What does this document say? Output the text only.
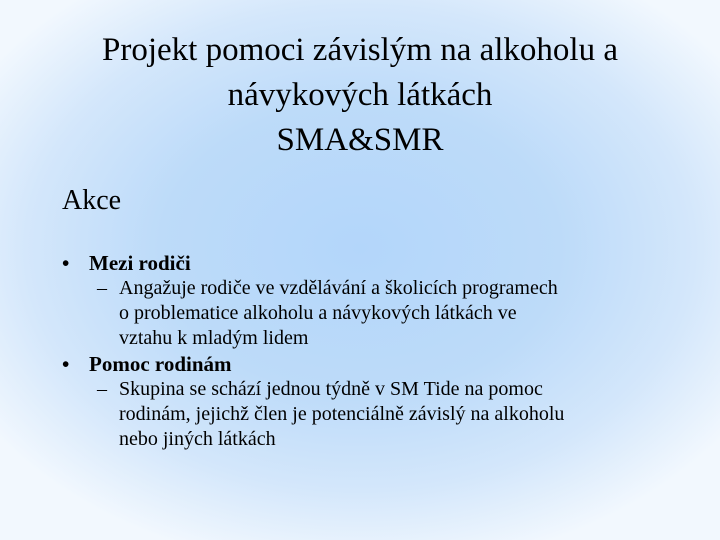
Projekt pomoci závislým na alkoholu a
návykových látkách
SMA&SMR
Akce
• Mezi rodiči
– Angažuje rodiče ve vzdělávání a školicích programech
o problematice alkoholu a návykových látkách ve
vztahu k mladým lidem
• Pomoc rodinám
– Skupina se schází jednou týdně v SM Tide na pomoc
rodinám, jejichž člen je potenciálně závislý na alkoholu
nebo jiných látkách
